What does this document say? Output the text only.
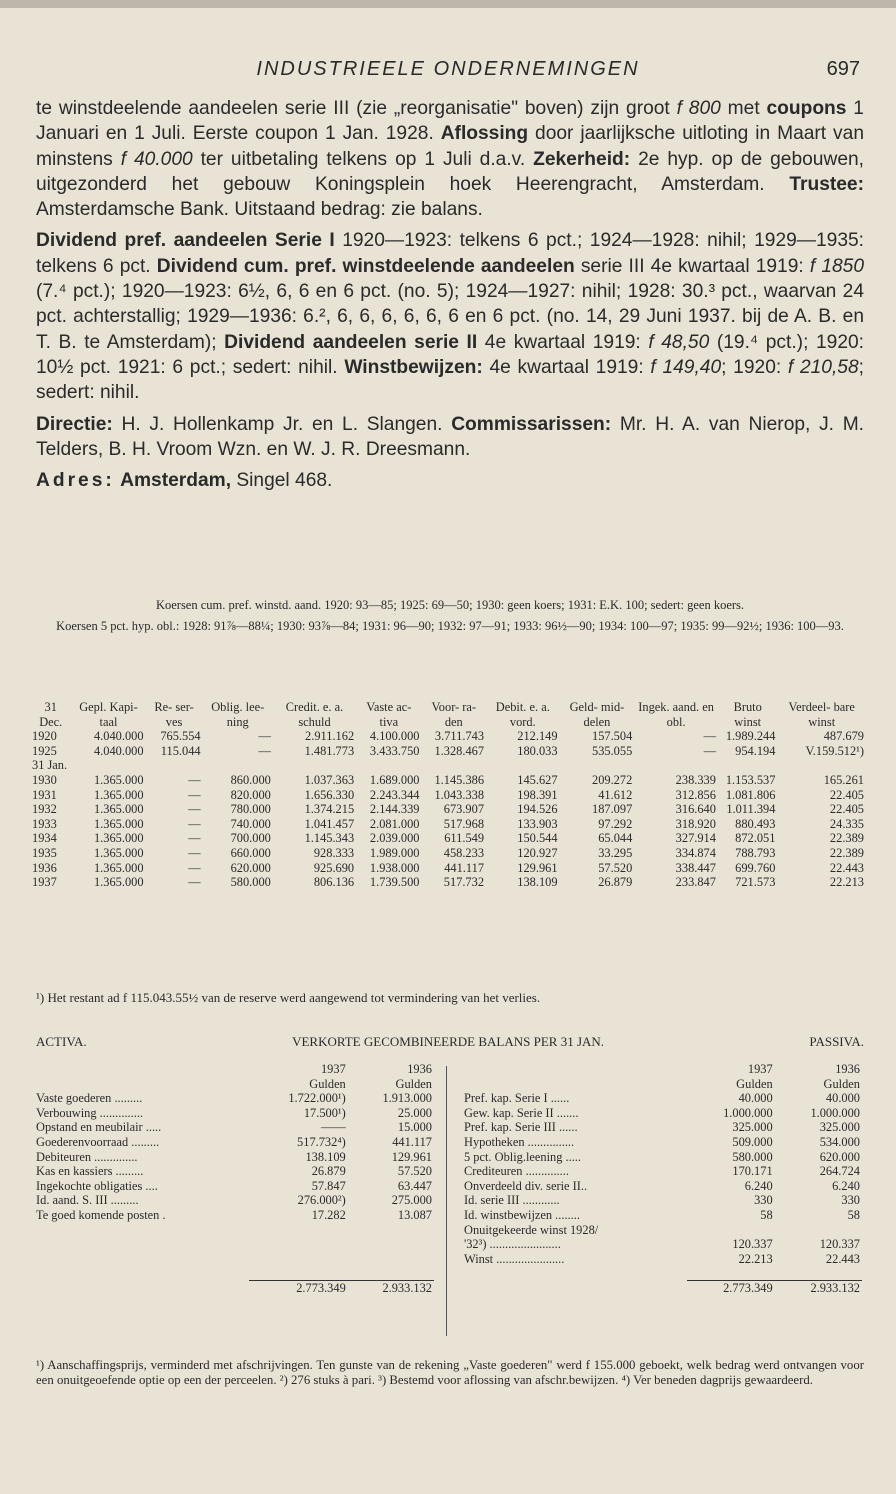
INDUSTRIEELE ONDERNEMINGEN	697

te winstdeelende aandeelen serie III (zie „reorganisatie" boven) zijn groot f 800 met coupons 1 Januari en 1 Juli. Eerste coupon 1 Jan. 1928. Aflossing door jaarlijksche uitloting in Maart van minstens f 40.000 ter uitbetaling telkens op 1 Juli d.a.v. Zekerheid: 2e hyp. op de gebouwen, uitgezonderd het gebouw Koningsplein hoek Heerengracht, Amsterdam. Trustee: Amsterdamsche Bank. Uitstaand bedrag: zie balans.

Dividend pref. aandeelen Serie I 1920—1923: telkens 6 pct.; 1924—1928: nihil; 1929—1935: telkens 6 pct. Dividend cum. pref. winstdeelende aandeelen serie III 4e kwartaal 1919: f 1850 (7.⁴ pct.); 1920—1923: 6½, 6, 6 en 6 pct. (no. 5); 1924—1927: nihil; 1928: 30.³ pct., waarvan 24 pct. achterstallig; 1929—1936: 6.², 6, 6, 6, 6, 6, 6 en 6 pct. (no. 14, 29 Juni 1937. bij de A. B. en T. B. te Amsterdam); Dividend aandeelen serie II 4e kwartaal 1919: f 48,50 (19.⁴ pct.); 1920: 10½ pct. 1921: 6 pct.; sedert: nihil. Winstbewijzen: 4e kwartaal 1919: f 149,40; 1920: f 210,58; sedert: nihil.

Directie: H. J. Hollenkamp Jr. en L. Slangen. Commissarissen: Mr. H. A. van Nierop, J. M. Telders, B. H. Vroom Wzn. en W. J. R. Dreesmann.

Adres: Amsterdam, Singel 468.

Koersen cum. pref. winstd. aand. 1920: 93—85; 1925: 69—50; 1930: geen koers; 1931: E.K. 100; sedert: geen koers.

Koersen 5 pct. hyp. obl.: 1928: 91⅞—88¼; 1930: 93⅞—84; 1931: 96—90; 1932: 97—91; 1933: 96½—90; 1934: 100—97; 1935: 99—92½; 1936: 100—93.

31 Dec.	Gepl. Kapi- taal	Re- ser- ves	Oblig. lee- ning	Credit. e. a. schuld	Vaste ac- tiva	Voor- ra- den	Debit. e. a. vord.	Geld- mid- delen	Ingek. aand. en obl.	Bruto winst	Verdeel- bare winst
1920	4.040.000	765.554	—	2.911.162	4.100.000	3.711.743	212.149	157.504	—	1.989.244	487.679
1925	4.040.000	115.044	—	1.481.773	3.433.750	1.328.467	180.033	535.055	—	954.194	V.159.512¹)
31 Jan.											
1930	1.365.000	—	860.000	1.037.363	1.689.000	1.145.386	145.627	209.272	238.339	1.153.537	165.261
1931	1.365.000	—	820.000	1.656.330	2.243.344	1.043.338	198.391	41.612	312.856	1.081.806	22.405
1932	1.365.000	—	780.000	1.374.215	2.144.339	673.907	194.526	187.097	316.640	1.011.394	22.405
1933	1.365.000	—	740.000	1.041.457	2.081.000	517.968	133.903	97.292	318.920	880.493	24.335
1934	1.365.000	—	700.000	1.145.343	2.039.000	611.549	150.544	65.044	327.914	872.051	22.389
1935	1.365.000	—	660.000	928.333	1.989.000	458.233	120.927	33.295	334.874	788.793	22.389
1936	1.365.000	—	620.000	925.690	1.938.000	441.117	129.961	57.520	338.447	699.760	22.443
1937	1.365.000	—	580.000	806.136	1.739.500	517.732	138.109	26.879	233.847	721.573	22.213
¹) Het restant ad f 115.043.55½ van de reserve werd aangewend tot vermindering van het verlies.
ACTIVA.	VERKORTE GECOMBINEERDE BALANS PER 31 JAN.	PASSIVA.
	1937	1936
	Gulden	Gulden
Vaste goederen .........	1.722.000¹)	1.913.000
Verbouwing ..............	17.500¹)	25.000
Opstand en meubilair .....	——	15.000
Goederenvoorraad .........	517.732⁴)	441.117
Debiteuren ..............	138.109	129.961
Kas en kassiers .........	26.879	57.520
Ingekochte obligaties ....	57.847	63.447
Id. aand. S. III .........	276.000²)	275.000
Te goed komende posten .	17.282	13.087

	2.773.349	2.933.132
	1937	1936
	Gulden	Gulden
Pref. kap. Serie I ......	40.000	40.000
Gew. kap. Serie II .......	1.000.000	1.000.000
Pref. kap. Serie III ......	325.000	325.000
Hypotheken ...............	509.000	534.000
5 pct. Oblig.leening .....	580.000	620.000
Crediteuren ..............	170.171	264.724
Onverdeeld div. serie II..	6.240	6.240
Id. serie III ............	330	330
Id. winstbewijzen ........	58	58
Onuitgekeerde winst 1928/		
'32³) .......................	120.337	120.337
Winst ......................	22.213	22.443

	2.773.349	2.933.132
¹) Aanschaffingsprijs, verminderd met afschrijvingen. Ten gunste van de rekening „Vaste goederen" werd f 155.000 geboekt, welk bedrag werd ontvangen voor een onuitgeoefende optie op een der perceelen. ²) 276 stuks à pari. ³) Bestemd voor aflossing van afschr.bewijzen. ⁴) Ver beneden dagprijs gewaardeerd.
